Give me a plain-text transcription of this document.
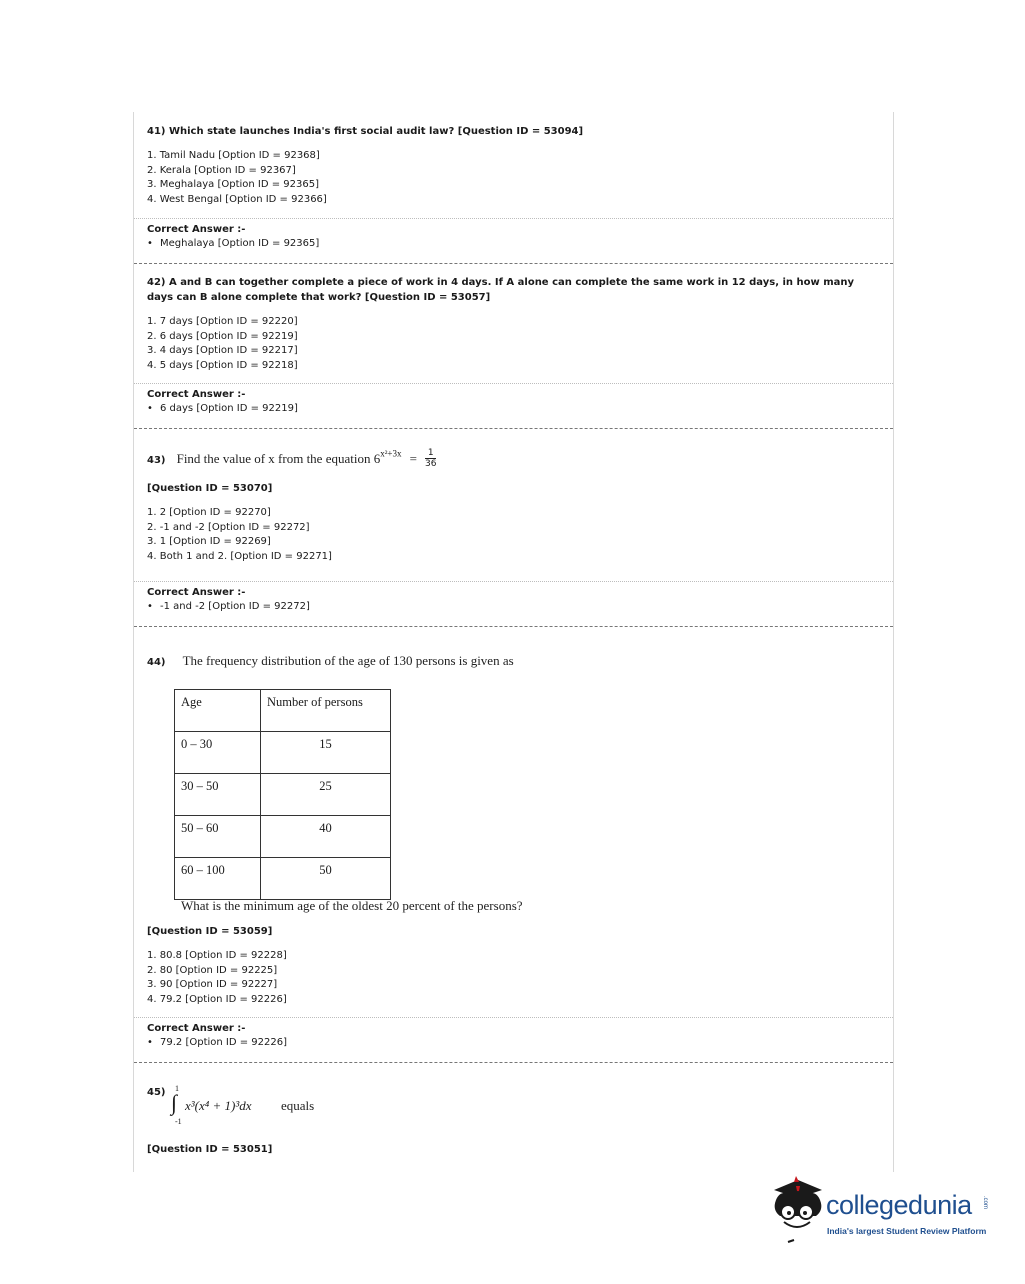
41) Which state launches India's first social audit law? [Question ID = 53094]
1. Tamil Nadu [Option ID = 92368]
2. Kerala [Option ID = 92367]
3. Meghalaya [Option ID = 92365]
4. West Bengal [Option ID = 92366]
Correct Answer :-
• Meghalaya [Option ID = 92365]
42) A and B can together complete a piece of work in 4 days. If A alone can complete the same work in 12 days, in how many days can B alone complete that work? [Question ID = 53057]
1. 7 days [Option ID = 92220]
2. 6 days [Option ID = 92219]
3. 4 days [Option ID = 92217]
4. 5 days [Option ID = 92218]
Correct Answer :-
• 6 days [Option ID = 92219]
43) Find the value of x from the equation $6^{x^2+3x} = \frac{1}{36}$
[Question ID = 53070]
1. 2 [Option ID = 92270]
2. -1 and -2 [Option ID = 92272]
3. 1 [Option ID = 92269]
4. Both 1 and 2. [Option ID = 92271]
Correct Answer :-
• -1 and -2 [Option ID = 92272]
44) The frequency distribution of the age of 130 persons is given as
Age	Number of persons
0 – 30	15
30 – 50	25
50 – 60	40
60 – 100	50
What is the minimum age of the oldest 20 percent of the persons?
[Question ID = 53059]
1. 80.8 [Option ID = 92228]
2. 80 [Option ID = 92225]
3. 90 [Option ID = 92227]
4. 79.2 [Option ID = 92226]
Correct Answer :-
• 79.2 [Option ID = 92226]
45) 1
∫
-1
x³(x⁴ + 1)³dx equals
[Question ID = 53051]
collegedunia .com
India's largest Student Review Platform
